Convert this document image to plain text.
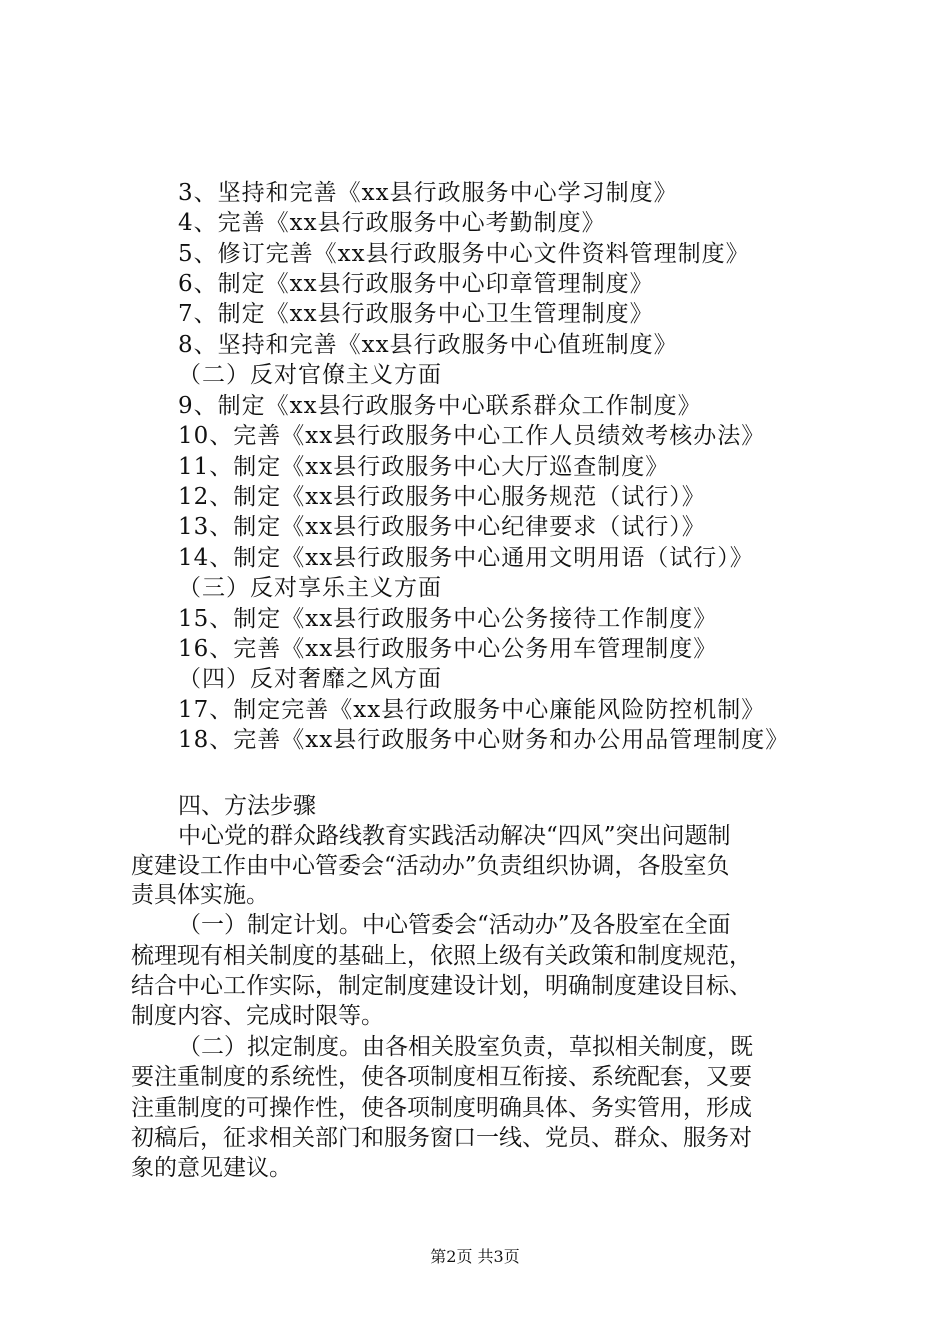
3、坚持和完善《xx县行政服务中心学习制度》
4、完善《xx县行政服务中心考勤制度》
5、修订完善《xx县行政服务中心文件资料管理制度》
6、制定《xx县行政服务中心印章管理制度》
7、制定《xx县行政服务中心卫生管理制度》
8、坚持和完善《xx县行政服务中心值班制度》
（二）反对官僚主义方面
9、制定《xx县行政服务中心联系群众工作制度》
10、完善《xx县行政服务中心工作人员绩效考核办法》
11、制定《xx县行政服务中心大厅巡查制度》
12、制定《xx县行政服务中心服务规范（试行）》
13、制定《xx县行政服务中心纪律要求（试行）》
14、制定《xx县行政服务中心通用文明用语（试行）》
（三）反对享乐主义方面
15、制定《xx县行政服务中心公务接待工作制度》
16、完善《xx县行政服务中心公务用车管理制度》
（四）反对奢靡之风方面
17、制定完善《xx县行政服务中心廉能风险防控机制》
18、完善《xx县行政服务中心财务和办公用品管理制度》
四、方法步骤
中心党的群众路线教育实践活动解决“四风”突出问题制
度建设工作由中心管委会“活动办”负责组织协调，各股室负
责具体实施。
（一）制定计划。中心管委会“活动办”及各股室在全面
梳理现有相关制度的基础上，依照上级有关政策和制度规范，
结合中心工作实际，制定制度建设计划，明确制度建设目标、
制度内容、完成时限等。
（二）拟定制度。由各相关股室负责，草拟相关制度，既
要注重制度的系统性，使各项制度相互衔接、系统配套，又要
注重制度的可操作性，使各项制度明确具体、务实管用，形成
初稿后，征求相关部门和服务窗口一线、党员、群众、服务对
象的意见建议。
第2页 共3页
